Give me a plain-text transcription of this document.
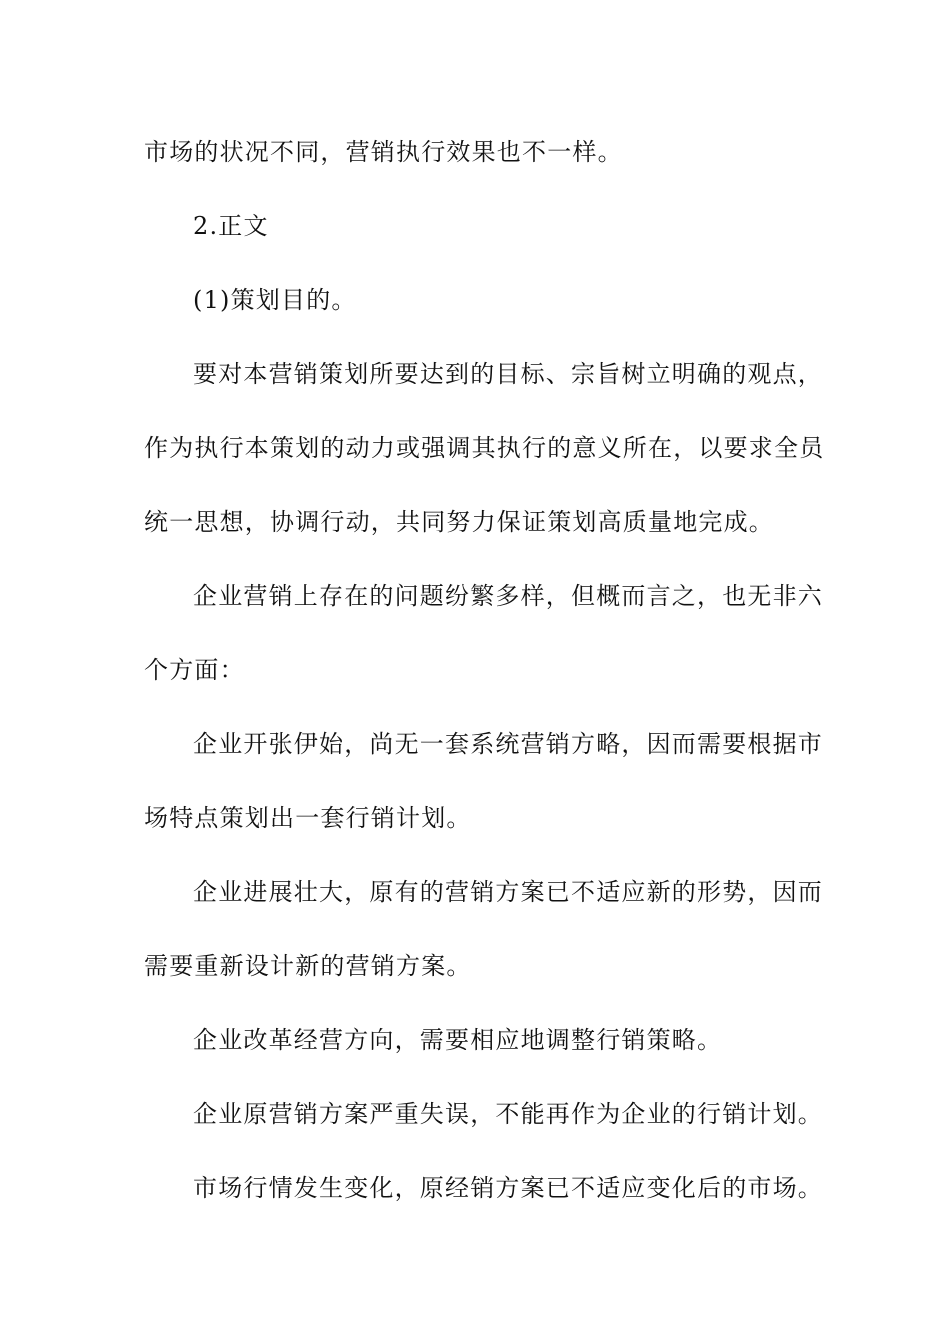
市场的状况不同，营销执行效果也不一样。
2.正文
(1)策划目的。
要对本营销策划所要达到的目标、宗旨树立明确的观点，
作为执行本策划的动力或强调其执行的意义所在，以要求全员
统一思想，协调行动，共同努力保证策划高质量地完成。
企业营销上存在的问题纷繁多样，但概而言之，也无非六
个方面：
企业开张伊始，尚无一套系统营销方略，因而需要根据市
场特点策划出一套行销计划。
企业进展壮大，原有的营销方案已不适应新的形势，因而
需要重新设计新的营销方案。
企业改革经营方向，需要相应地调整行销策略。
企业原营销方案严重失误，不能再作为企业的行销计划。
市场行情发生变化，原经销方案已不适应变化后的市场。
